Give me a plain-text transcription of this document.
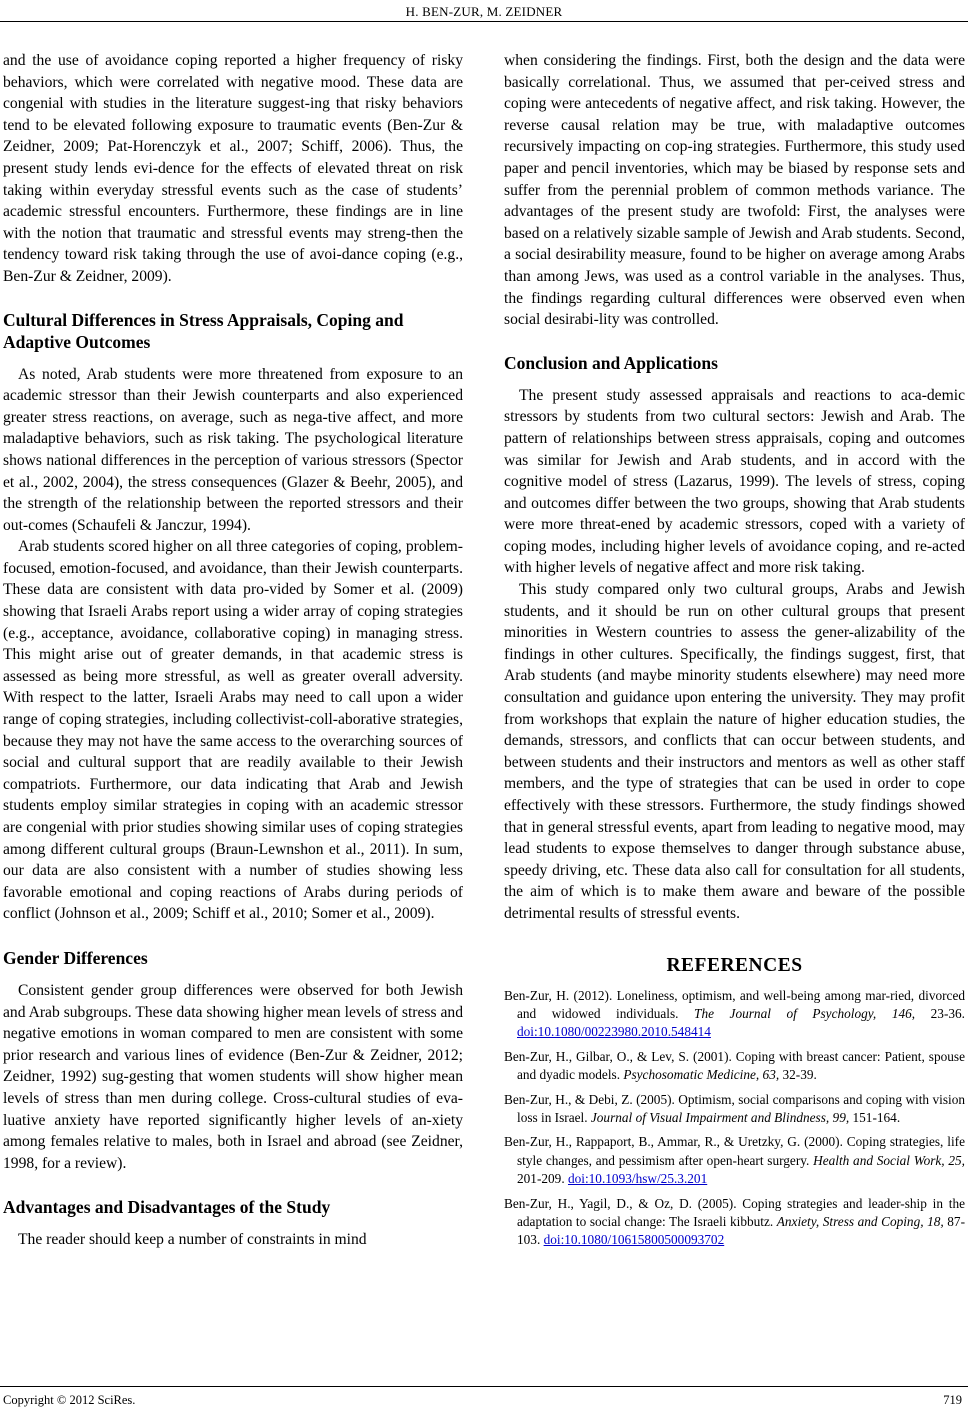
H. BEN-ZUR, M. ZEIDNER

and the use of avoidance coping reported a higher frequency of risky behaviors, which were correlated with negative mood. These data are congenial with studies in the literature suggest-ing that risky behaviors tend to be elevated following exposure to traumatic events (Ben-Zur & Zeidner, 2009; Pat-Horenczyk et al., 2007; Schiff, 2006). Thus, the present study lends evi-dence for the effects of elevated threat on risk taking within everyday stressful events such as the case of students’ academic stressful encounters. Furthermore, these findings are in line with the notion that traumatic and stressful events may streng-then the tendency toward risk taking through the use of avoi-dance coping (e.g., Ben-Zur & Zeidner, 2009).

Cultural Differences in Stress Appraisals, Coping and Adaptive Outcomes

As noted, Arab students were more threatened from exposure to an academic stressor than their Jewish counterparts and also experienced greater stress reactions, on average, such as nega-tive affect, and more maladaptive behaviors, such as risk taking. The psychological literature shows national differences in the perception of various stressors (Spector et al., 2002, 2004), the stress consequences (Glazer & Beehr, 2005), and the strength of the relationship between the reported stressors and their out-comes (Schaufeli & Janczur, 1994).

Arab students scored higher on all three categories of coping, problem-focused, emotion-focused, and avoidance, than their Jewish counterparts. These data are consistent with data pro-vided by Somer et al. (2009) showing that Israeli Arabs report using a wider array of coping strategies (e.g., acceptance, avoidance, collaborative coping) in managing stress. This might arise out of greater demands, in that academic stress is assessed as being more stressful, as well as greater overall adversity. With respect to the latter, Israeli Arabs may need to call upon a wider range of coping strategies, including collectivist-coll-aborative strategies, because they may not have the same access to the overarching sources of social and cultural support that are readily available to their Jewish compatriots. Furthermore, our data indicating that Arab and Jewish students employ similar strategies in coping with an academic stressor are congenial with prior studies showing similar uses of coping strategies among different cultural groups (Braun-Lewnshon et al., 2011). In sum, our data are also consistent with a number of studies showing less favorable emotional and coping reactions of Arabs during periods of conflict (Johnson et al., 2009; Schiff et al., 2010; Somer et al., 2009).

Gender Differences

Consistent gender group differences were observed for both Jewish and Arab subgroups. These data showing higher mean levels of stress and negative emotions in woman compared to men are consistent with some prior research and various lines of evidence (Ben-Zur & Zeidner, 2012; Zeidner, 1992) sug-gesting that women students will show higher mean levels of stress than men during college. Cross-cultural studies of eva-luative anxiety have reported significantly higher levels of an-xiety among females relative to males, both in Israel and abroad (see Zeidner, 1998, for a review).

Advantages and Disadvantages of the Study

The reader should keep a number of constraints in mind

when considering the findings. First, both the design and the data were basically correlational. Thus, we assumed that per-ceived stress and coping were antecedents of negative affect, and risk taking. However, the reverse causal relation may be true, with maladaptive outcomes recursively impacting on cop-ing strategies. Furthermore, this study used paper and pencil inventories, which may be biased by response sets and suffer from the perennial problem of common methods variance. The advantages of the present study are twofold: First, the analyses were based on a relatively sizable sample of Jewish and Arab students. Second, a social desirability measure, found to be higher on average among Arabs than among Jews, was used as a control variable in the analyses. Thus, the findings regarding cultural differences were observed even when social desirabi-lity was controlled.

Conclusion and Applications

The present study assessed appraisals and reactions to aca-demic stressors by students from two cultural sectors: Jewish and Arab. The pattern of relationships between stress appraisals, coping and outcomes was similar for Jewish and Arab students, and in accord with the cognitive model of stress (Lazarus, 1999). The levels of stress, coping and outcomes differ between the two groups, showing that Arab students were more threat-ened by academic stressors, coped with a variety of coping modes, including higher levels of avoidance coping, and re-acted with higher levels of negative affect and more risk taking.

This study compared only two cultural groups, Arabs and Jewish students, and it should be run on other cultural groups that present minorities in Western countries to assess the gener-alizability of the findings in other cultures. Specifically, the findings suggest, first, that Arab students (and maybe minority students elsewhere) may need more consultation and guidance upon entering the university. They may profit from workshops that explain the nature of higher education studies, the demands, stressors, and conflicts that can occur between students, and between students and their instructors and mentors as well as other staff members, and the type of strategies that can be used in order to cope effectively with these stressors. Furthermore, the study findings showed that in general stressful events, apart from leading to negative mood, may lead students to expose themselves to danger through substance abuse, speedy driving, etc. These data also call for consultation for all students, the aim of which is to make them aware and beware of the possible detrimental results of stressful events.

REFERENCES

Ben-Zur, H. (2012). Loneliness, optimism, and well-being among mar-ried, divorced and widowed individuals. The Journal of Psychology, 146, 23-36. doi:10.1080/00223980.2010.548414

Ben-Zur, H., Gilbar, O., & Lev, S. (2001). Coping with breast cancer: Patient, spouse and dyadic models. Psychosomatic Medicine, 63, 32-39.

Ben-Zur, H., & Debi, Z. (2005). Optimism, social comparisons and coping with vision loss in Israel. Journal of Visual Impairment and Blindness, 99, 151-164.

Ben-Zur, H., Rappaport, B., Ammar, R., & Uretzky, G. (2000). Coping strategies, life style changes, and pessimism after open-heart surgery. Health and Social Work, 25, 201-209. doi:10.1093/hsw/25.3.201

Ben-Zur, H., Yagil, D., & Oz, D. (2005). Coping strategies and leader-ship in the adaptation to social change: The Israeli kibbutz. Anxiety, Stress and Coping, 18, 87-103. doi:10.1080/10615800500093702

Copyright © 2012 SciRes.	719
